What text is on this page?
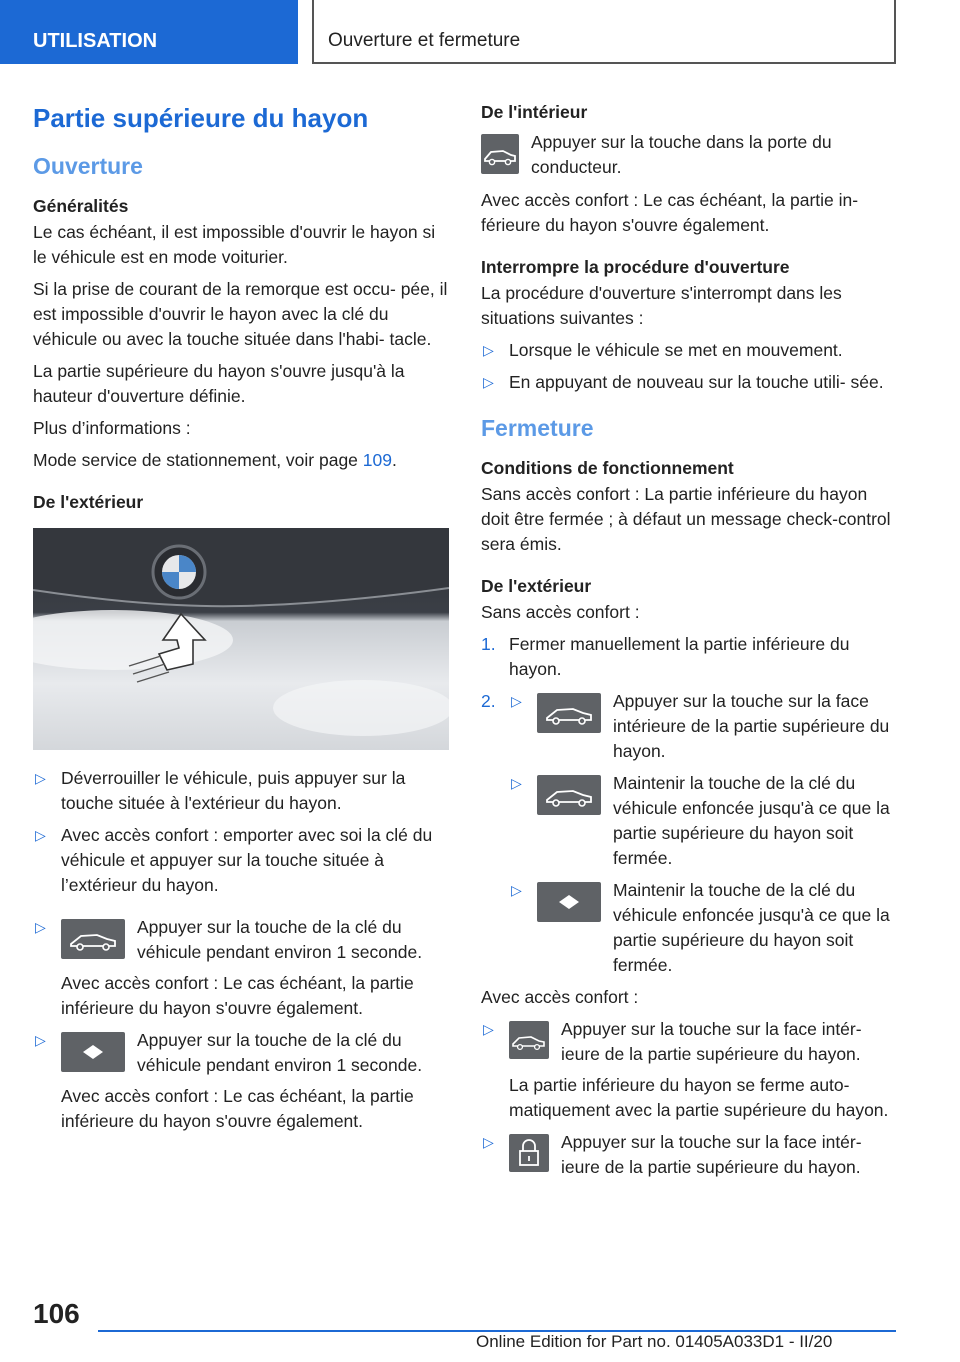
UTILISATION	Ouverture et fermeture
Partie supérieure du hayon
Ouverture
Généralités

Le cas échéant, il est impossible d'ouvrir le hayon si le véhicule est en mode voiturier.

Si la prise de courant de la remorque est occu- pée, il est impossible d'ouvrir le hayon avec la clé du véhicule ou avec la touche située dans l'habi- tacle.

La partie supérieure du hayon s'ouvre jusqu'à la hauteur d'ouverture définie.

Plus d’informations :

Mode service de stationnement, voir page 109.

De l'extérieur
▷ Déverrouiller le véhicule, puis appuyer sur la touche située à l'extérieur du hayon.
▷ Avec accès confort : emporter avec soi la clé du véhicule et appuyer sur la touche située à l’extérieur du hayon.
▷	Appuyer sur la touche de la clé du véhicule pendant environ 1 seconde.

Avec accès confort : Le cas échéant, la partie inférieure du hayon s'ouvre également.

▷	Appuyer sur la touche de la clé du véhicule pendant environ 1 seconde.

Avec accès confort : Le cas échéant, la partie inférieure du hayon s'ouvre également.

De l'intérieur
Appuyer sur la touche dans la porte du conducteur.

Avec accès confort : Le cas échéant, la partie in- férieure du hayon s'ouvre également.

Interrompre la procédure d'ouverture

La procédure d'ouverture s'interrompt dans les situations suivantes :

▷ Lorsque le véhicule se met en mouvement.
▷ En appuyant de nouveau sur la touche utili- sée.
Fermeture
Conditions de fonctionnement

Sans accès confort : La partie inférieure du hayon doit être fermée ; à défaut un message check-control sera émis.

De l'extérieur

Sans accès confort :

1. Fermer manuellement la partie inférieure du hayon.
2. ▷	Appuyer sur la touche sur la face intérieure de la partie supérieure du hayon.
▷	Maintenir la touche de la clé du véhicule enfoncée jusqu'à ce que la partie supérieure du hayon soit fermée.
▷	Maintenir la touche de la clé du véhicule enfoncée jusqu'à ce que la partie supérieure du hayon soit fermée.

Avec accès confort :

▷	Appuyer sur la touche sur la face intér- ieure de la partie supérieure du hayon.

La partie inférieure du hayon se ferme auto- matiquement avec la partie supérieure du hayon.

▷	Appuyer sur la touche sur la face intér- ieure de la partie supérieure du hayon.
106
Online Edition for Part no. 01405A033D1 - II/20
